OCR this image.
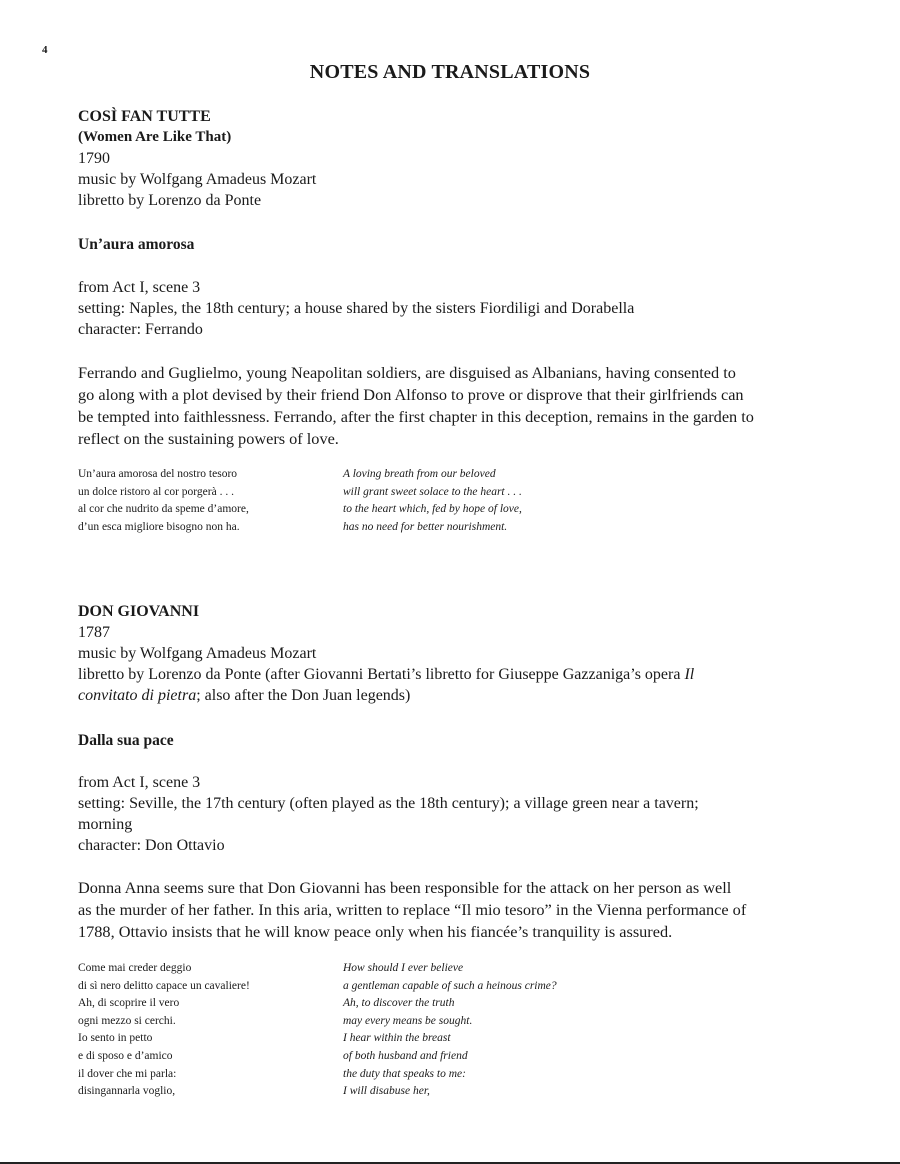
4
NOTES AND TRANSLATIONS
COSÌ FAN TUTTE
(Women Are Like That)
1790
music by Wolfgang Amadeus Mozart
libretto by Lorenzo da Ponte
Un’aura amorosa
from Act I, scene 3
setting: Naples, the 18th century; a house shared by the sisters Fiordiligi and Dorabella
character: Ferrando
Ferrando and Guglielmo, young Neapolitan soldiers, are disguised as Albanians, having consented to
go along with a plot devised by their friend Don Alfonso to prove or disprove that their girlfriends can
be tempted into faithlessness. Ferrando, after the first chapter in this deception, remains in the garden to
reflect on the sustaining powers of love.
Un’aura amorosa del nostro tesoro
un dolce ristoro al cor porgerà . . .
al cor che nudrito da speme d’amore,
d’un esca migliore bisogno non ha.
A loving breath from our beloved
will grant sweet solace to the heart . . .
to the heart which, fed by hope of love,
has no need for better nourishment.
DON GIOVANNI
1787
music by Wolfgang Amadeus Mozart
libretto by Lorenzo da Ponte (after Giovanni Bertati’s libretto for Giuseppe Gazzaniga’s opera Il
convitato di pietra; also after the Don Juan legends)
Dalla sua pace
from Act I, scene 3
setting: Seville, the 17th century (often played as the 18th century); a village green near a tavern;
morning
character: Don Ottavio
Donna Anna seems sure that Don Giovanni has been responsible for the attack on her person as well
as the murder of her father. In this aria, written to replace “Il mio tesoro” in the Vienna performance of
1788, Ottavio insists that he will know peace only when his fiancée’s tranquility is assured.
Come mai creder deggio
di sì nero delitto capace un cavaliere!
Ah, di scoprire il vero
ogni mezzo si cerchi.
Io sento in petto
e di sposo e d’amico
il dover che mi parla:
disingannarla voglio,
How should I ever believe
a gentleman capable of such a heinous crime?
Ah, to discover the truth
may every means be sought.
I hear within the breast
of both husband and friend
the duty that speaks to me:
I will disabuse her,
